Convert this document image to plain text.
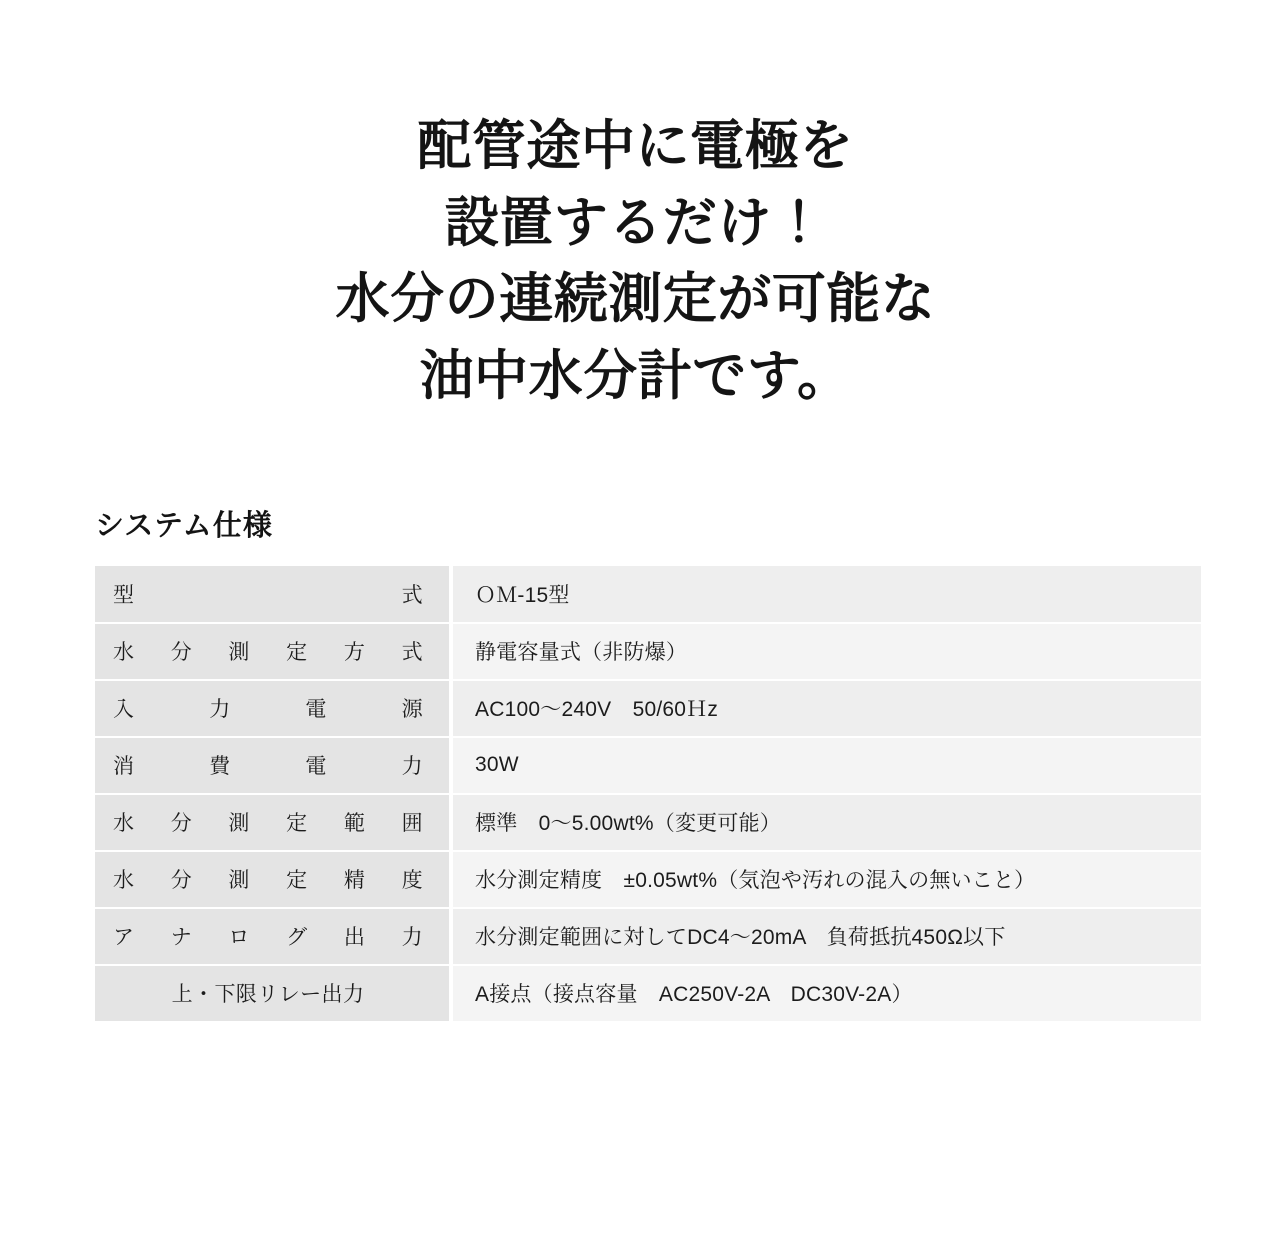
配管途中に電極を
設置するだけ！
水分の連続測定が可能な
油中水分計です。
システム仕様
型　　　　式	ＯＭ-15型

水分測定方式	静電容量式（非防爆）

入力電源	AC100〜240V　50/60Ｈz

消費電力	30W

水分測定範囲	標準　0〜5.00wt%（変更可能）

水分測定精度	水分測定精度　±0.05wt%（気泡や汚れの混入の無いこと）

アナログ出力	水分測定範囲に対してDC4〜20mA　負荷抵抗450Ω以下

上・下限リレー出力	A接点（接点容量　AC250V-2A　DC30V-2A）
